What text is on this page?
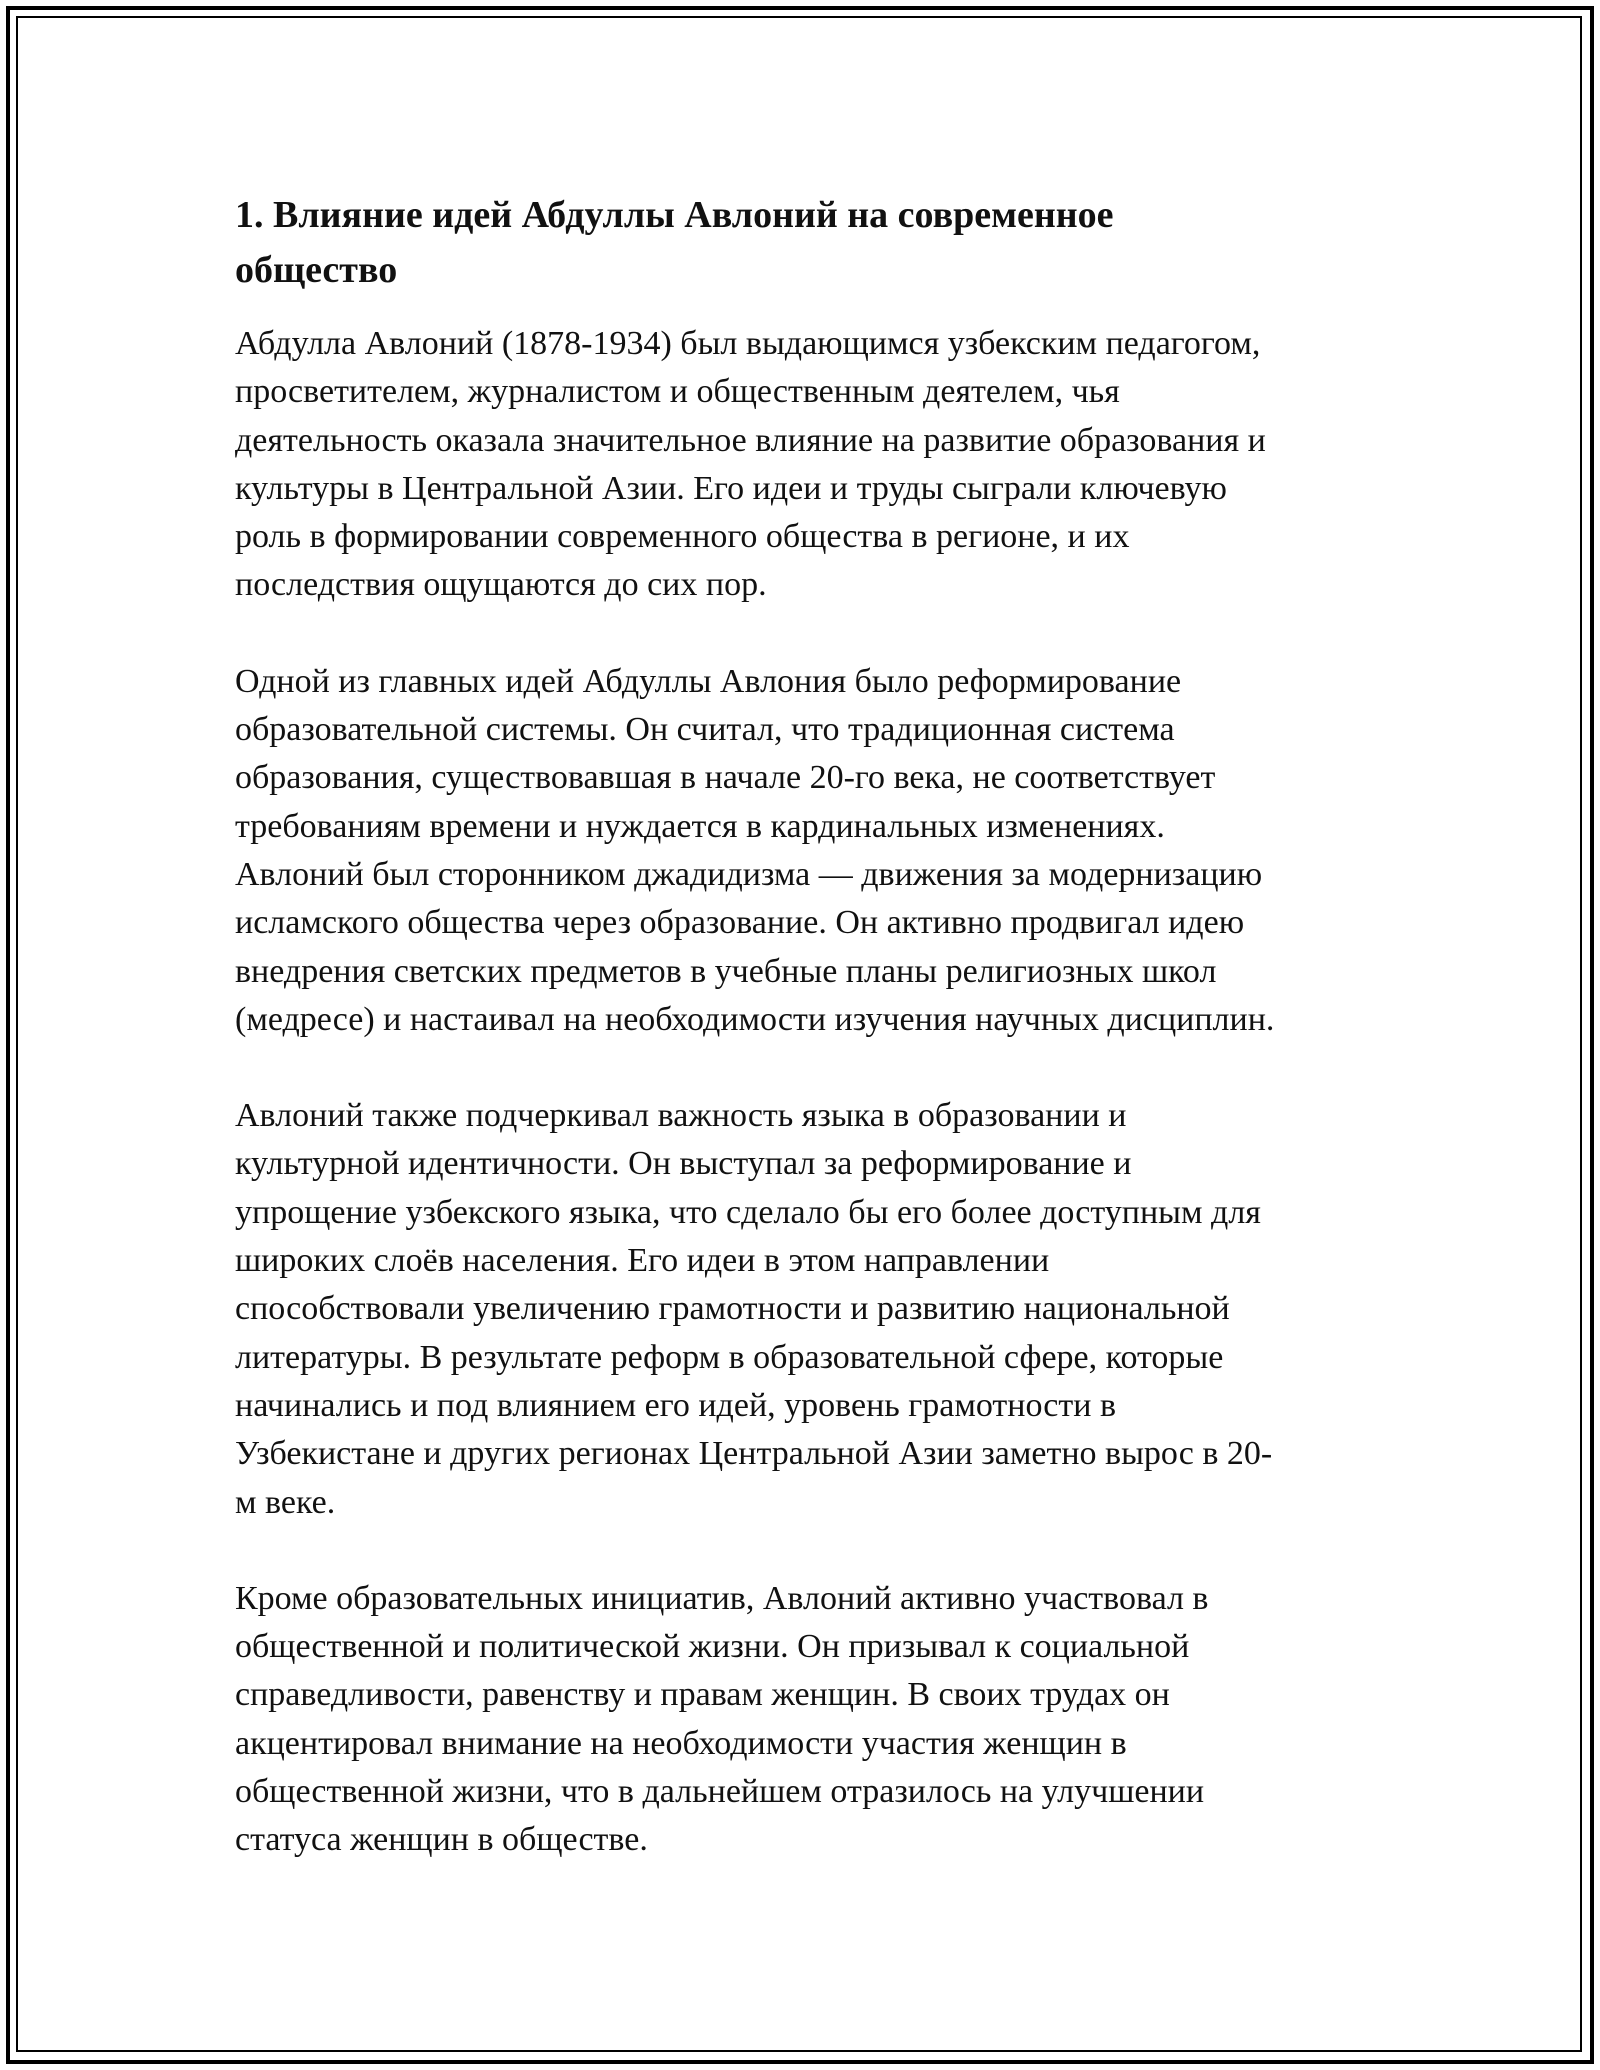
1. Влияние идей Абдуллы Авлоний на современное
общество

Абдулла Авлоний (1878-1934) был выдающимся узбекским педагогом,
просветителем, журналистом и общественным деятелем, чья
деятельность оказала значительное влияние на развитие образования и
культуры в Центральной Азии. Его идеи и труды сыграли ключевую
роль в формировании современного общества в регионе, и их
последствия ощущаются до сих пор.

Одной из главных идей Абдуллы Авлония было реформирование
образовательной системы. Он считал, что традиционная система
образования, существовавшая в начале 20-го века, не соответствует
требованиям времени и нуждается в кардинальных изменениях.
Авлоний был сторонником джадидизма — движения за модернизацию
исламского общества через образование. Он активно продвигал идею
внедрения светских предметов в учебные планы религиозных школ
(медресе) и настаивал на необходимости изучения научных дисциплин.

Авлоний также подчеркивал важность языка в образовании и
культурной идентичности. Он выступал за реформирование и
упрощение узбекского языка, что сделало бы его более доступным для
широких слоёв населения. Его идеи в этом направлении
способствовали увеличению грамотности и развитию национальной
литературы. В результате реформ в образовательной сфере, которые
начинались и под влиянием его идей, уровень грамотности в
Узбекистане и других регионах Центральной Азии заметно вырос в 20-
м веке.

Кроме образовательных инициатив, Авлоний активно участвовал в
общественной и политической жизни. Он призывал к социальной
справедливости, равенству и правам женщин. В своих трудах он
акцентировал внимание на необходимости участия женщин в
общественной жизни, что в дальнейшем отразилось на улучшении
статуса женщин в обществе.
